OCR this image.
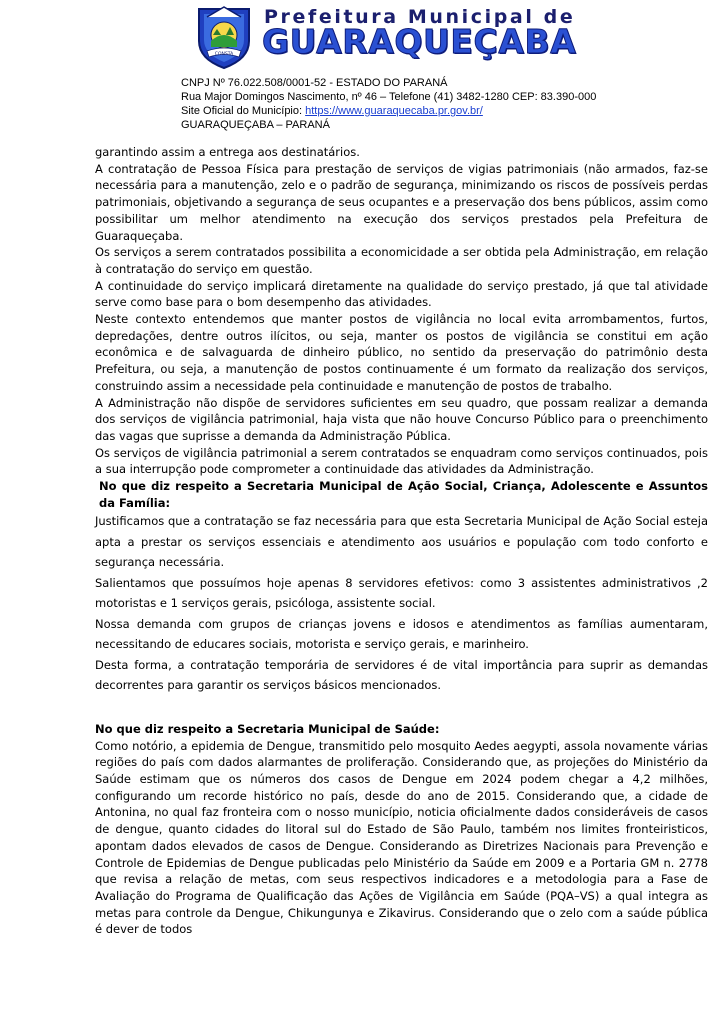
CONSTA
Prefeitura Municipal de
GUARAQUEÇABA
CNPJ Nº 76.022.508/0001-52 - ESTADO DO PARANÁ
Rua Major Domingos Nascimento, nº 46 – Telefone (41) 3482-1280 CEP: 83.390-000
Site Oficial do Município: https://www.guaraquecaba.pr.gov.br/
GUARAQUEÇABA – PARANÁ

garantindo assim a entrega aos destinatários.

A contratação de Pessoa Física para prestação de serviços de vigias patrimoniais (não armados, faz-se necessária para a manutenção, zelo e o padrão de segurança, minimizando os riscos de possíveis perdas patrimoniais, objetivando a segurança de seus ocupantes e a preservação dos bens públicos, assim como possibilitar um melhor atendimento na execução dos serviços prestados pela Prefeitura de Guaraqueçaba.

Os serviços a serem contratados possibilita a economicidade a ser obtida pela Administração, em relação à contratação do serviço em questão.

A continuidade do serviço implicará diretamente na qualidade do serviço prestado, já que tal atividade serve como base para o bom desempenho das atividades.

Neste contexto entendemos que manter postos de vigilância no local evita arrombamentos, furtos, depredações, dentre outros ilícitos, ou seja, manter os postos de vigilância se constitui em ação econômica e de salvaguarda de dinheiro público, no sentido da preservação do patrimônio desta Prefeitura, ou seja, a manutenção de postos continuamente é um formato da realização dos serviços, construindo assim a necessidade pela continuidade e manutenção de postos de trabalho.

A Administração não dispõe de servidores suficientes em seu quadro, que possam realizar a demanda dos serviços de vigilância patrimonial, haja vista que não houve Concurso Público para o preenchimento das vagas que suprisse a demanda da Administração Pública.

Os serviços de vigilância patrimonial a serem contratados se enquadram como serviços continuados, pois a sua interrupção pode comprometer a continuidade das atividades da Administração.

No que diz respeito a Secretaria Municipal de Ação Social, Criança, Adolescente e Assuntos da Família:

Justificamos que a contratação se faz necessária para que esta Secretaria Municipal de Ação Social esteja apta a prestar os serviços essenciais e atendimento aos usuários e população com todo conforto e segurança necessária.

Salientamos que possuímos hoje apenas 8 servidores efetivos: como 3 assistentes administrativos ,2 motoristas e 1 serviços gerais, psicóloga, assistente social.

Nossa demanda com grupos de crianças jovens e idosos e atendimentos as famílias aumentaram, necessitando de educares sociais, motorista e serviço gerais, e marinheiro.

Desta forma, a contratação temporária de servidores é de vital importância para suprir as demandas decorrentes para garantir os serviços básicos mencionados.

No que diz respeito a Secretaria Municipal de Saúde:

Como notório, a epidemia de Dengue, transmitido pelo mosquito Aedes aegypti, assola novamente várias regiões do país com dados alarmantes de proliferação. Considerando que, as projeções do Ministério da Saúde estimam que os números dos casos de Dengue em 2024 podem chegar a 4,2 milhões, configurando um recorde histórico no país, desde do ano de 2015. Considerando que, a cidade de Antonina, no qual faz fronteira com o nosso município, noticia oficialmente dados consideráveis de casos de dengue, quanto cidades do litoral sul do Estado de São Paulo, também nos limites fronteiristicos, apontam dados elevados de casos de Dengue. Considerando as Diretrizes Nacionais para Prevenção e Controle de Epidemias de Dengue publicadas pelo Ministério da Saúde em 2009 e a Portaria GM n. 2778 que revisa a relação de metas, com seus respectivos indicadores e a metodologia para a Fase de Avaliação do Programa de Qualificação das Ações de Vigilância em Saúde (PQA–VS) a qual integra as metas para controle da Dengue, Chikungunya e Zikavirus. Considerando que o zelo com a saúde pública é dever de todos
